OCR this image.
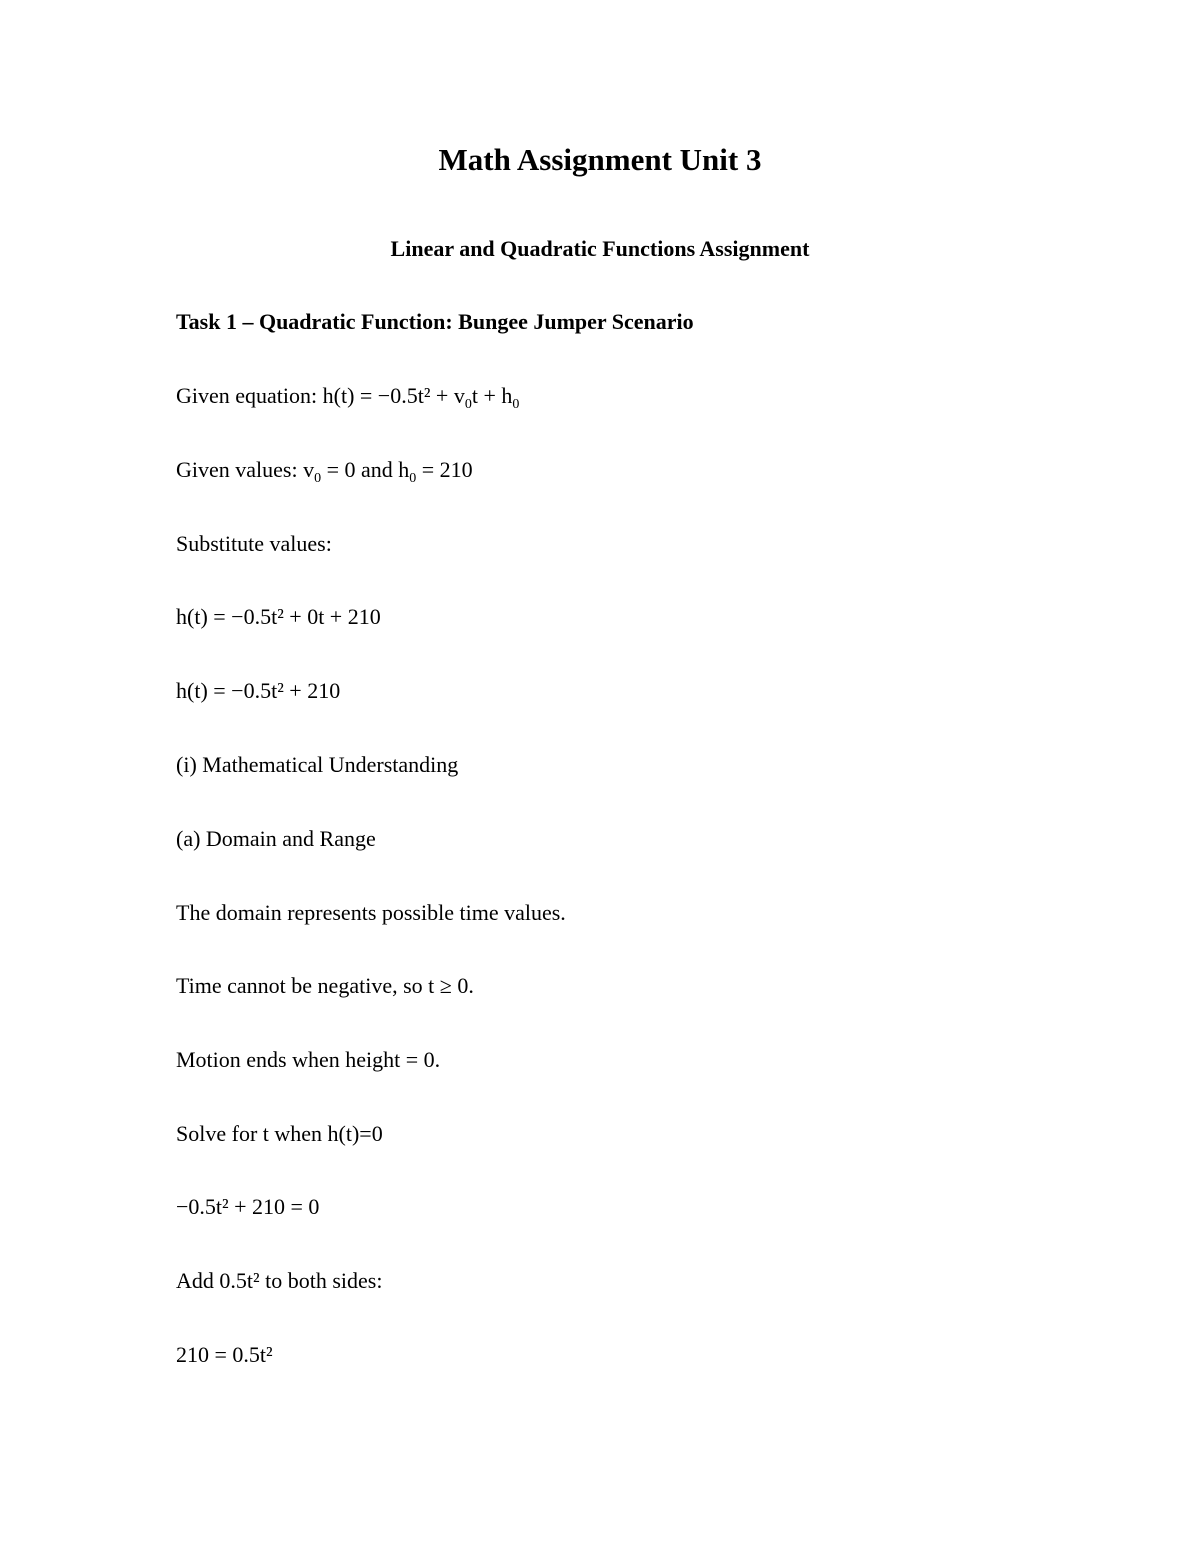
Math Assignment Unit 3
Linear and Quadratic Functions Assignment

Task 1 – Quadratic Function: Bungee Jumper Scenario

Given equation: $h(t) = -0.5t^2 + v_0t + h_0$

Given values: $v_0 = 0$ and $h_0 = 210$

Substitute values:

h(t) = −0.5t² + 0t + 210

h(t) = −0.5t² + 210

(i) Mathematical Understanding

(a) Domain and Range

The domain represents possible time values.

Time cannot be negative, so t ≥ 0.

Motion ends when height = 0.

Solve for t when h(t)=0

−0.5t² + 210 = 0

Add 0.5t² to both sides:

210 = 0.5t²
